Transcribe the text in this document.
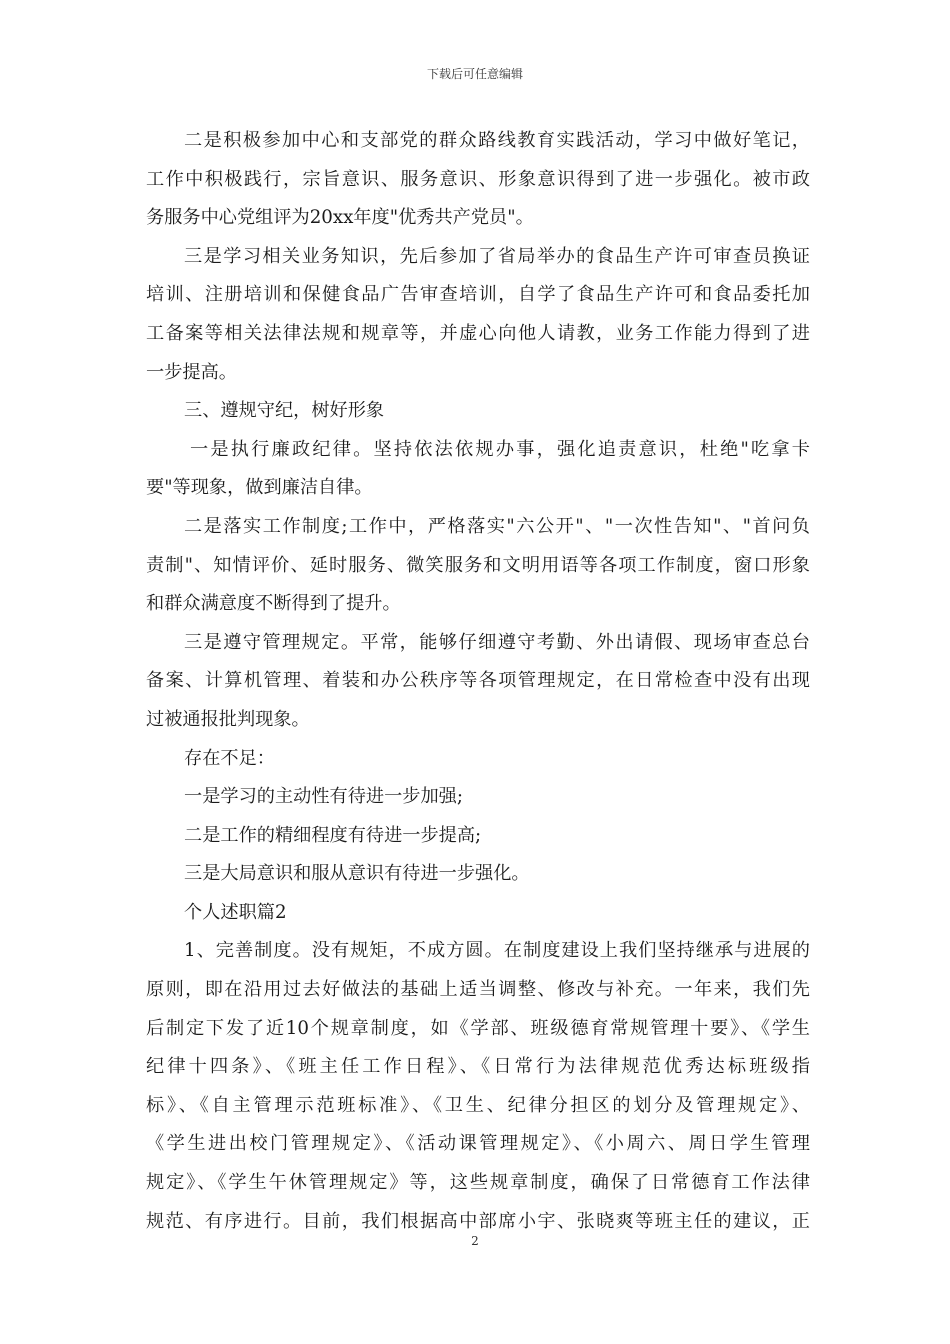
下载后可任意编辑
二是积极参加中心和支部党的群众路线教育实践活动，学习中做好笔记，
工作中积极践行，宗旨意识、服务意识、形象意识得到了进一步强化。被市政
务服务中心党组评为20xx年度"优秀共产党员"。
三是学习相关业务知识，先后参加了省局举办的食品生产许可审查员换证
培训、注册培训和保健食品广告审查培训，自学了食品生产许可和食品委托加
工备案等相关法律法规和规章等，并虚心向他人请教，业务工作能力得到了进
一步提高。
三、遵规守纪，树好形象
一是执行廉政纪律。坚持依法依规办事，强化追责意识，杜绝"吃拿卡
要"等现象，做到廉洁自律。
二是落实工作制度;工作中，严格落实"六公开"、"一次性告知"、"首问负
责制"、知情评价、延时服务、微笑服务和文明用语等各项工作制度，窗口形象
和群众满意度不断得到了提升。
三是遵守管理规定。平常，能够仔细遵守考勤、外出请假、现场审查总台
备案、计算机管理、着装和办公秩序等各项管理规定，在日常检查中没有出现
过被通报批判现象。
存在不足：
一是学习的主动性有待进一步加强;
二是工作的精细程度有待进一步提高;
三是大局意识和服从意识有待进一步强化。
个人述职篇2
1、完善制度。没有规矩，不成方圆。在制度建设上我们坚持继承与进展的
原则，即在沿用过去好做法的基础上适当调整、修改与补充。一年来，我们先
后制定下发了近10个规章制度，如《学部、班级德育常规管理十要》、《学生
纪律十四条》、《班主任工作日程》、《日常行为法律规范优秀达标班级指
标》、《自主管理示范班标准》、《卫生、纪律分担区的划分及管理规定》、
《学生进出校门管理规定》、《活动课管理规定》、《小周六、周日学生管理
规定》、《学生午休管理规定》等，这些规章制度，确保了日常德育工作法律
规范、有序进行。目前，我们根据高中部席小宇、张晓爽等班主任的建议，正
2
